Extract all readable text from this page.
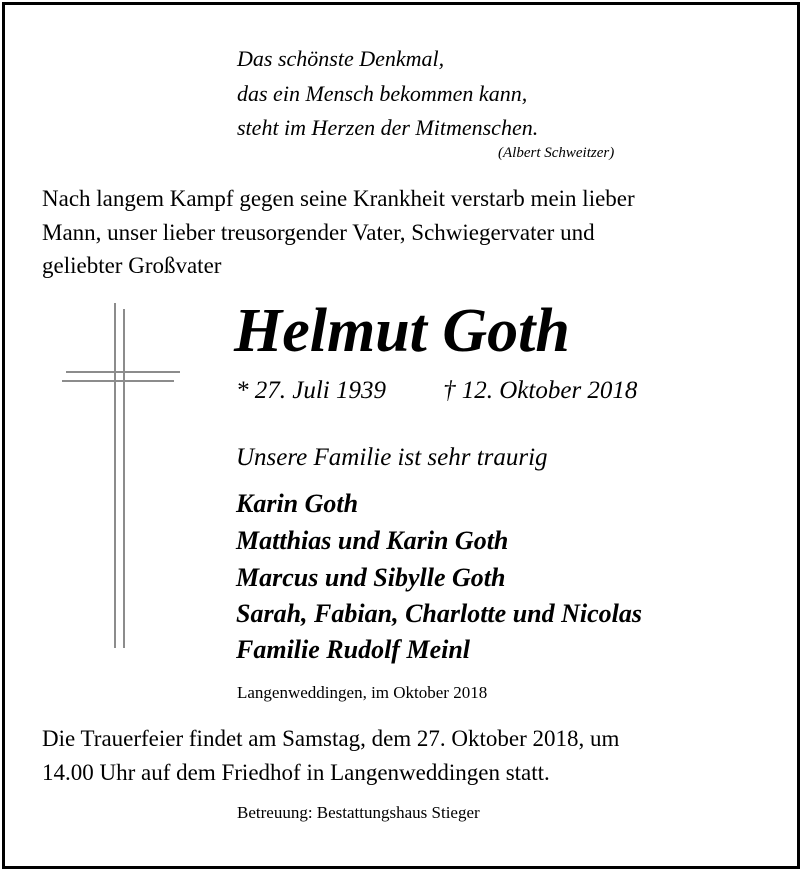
Das schönste Denkmal,
das ein Mensch bekommen kann,
steht im Herzen der Mitmenschen.
(Albert Schweitzer)
Nach langem Kampf gegen seine Krankheit verstarb mein lieber
Mann, unser lieber treusorgender Vater, Schwiegervater und
geliebter Großvater
Helmut Goth
* 27. Juli 1939 † 12. Oktober 2018
Unsere Familie ist sehr traurig
Karin Goth
Matthias und Karin Goth
Marcus und Sibylle Goth
Sarah, Fabian, Charlotte und Nicolas
Familie Rudolf Meinl
Langenweddingen, im Oktober 2018
Die Trauerfeier findet am Samstag, dem 27. Oktober 2018, um
14.00 Uhr auf dem Friedhof in Langenweddingen statt.
Betreuung: Bestattungshaus Stieger
